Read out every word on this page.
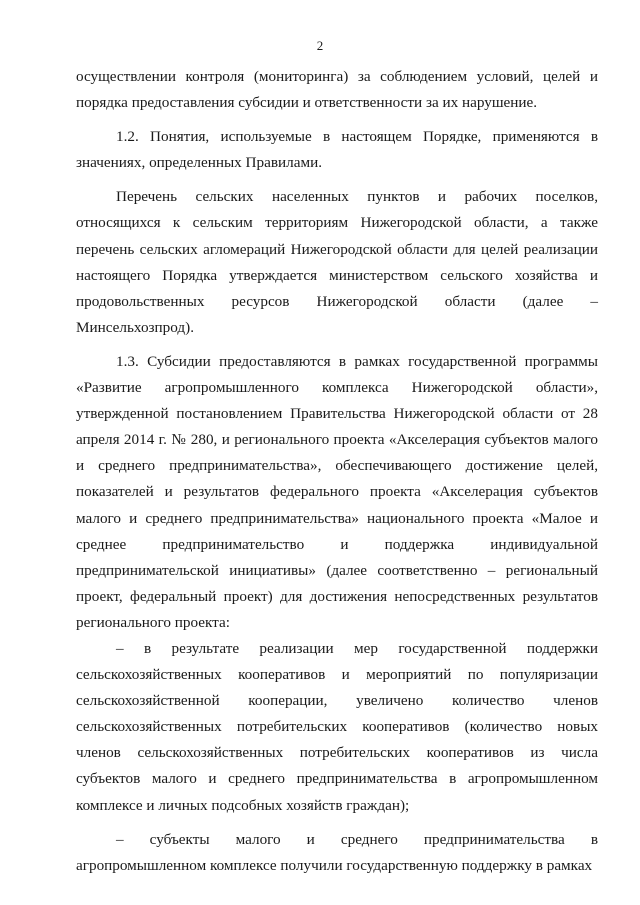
2

осуществлении контроля (мониторинга) за соблюдением условий, целей и порядка предоставления субсидии и ответственности за их нарушение.

1.2. Понятия, используемые в настоящем Порядке, применяются в значениях, определенных Правилами.

Перечень сельских населенных пунктов и рабочих поселков, относящихся к сельским территориям Нижегородской области, а также перечень сельских агломераций Нижегородской области для целей реализации настоящего Порядка утверждается министерством сельского хозяйства и продовольственных ресурсов Нижегородской области (далее – Минсельхозпрод).

1.3. Субсидии предоставляются в рамках государственной программы «Развитие агропромышленного комплекса Нижегородской области», утвержденной постановлением Правительства Нижегородской области от 28 апреля 2014 г. № 280, и регионального проекта «Акселерация субъектов малого и среднего предпринимательства», обеспечивающего достижение целей, показателей и результатов федерального проекта «Акселерация субъектов малого и среднего предпринимательства» национального проекта «Малое и среднее предпринимательство и поддержка индивидуальной предпринимательской инициативы» (далее соответственно – региональный проект, федеральный проект) для достижения непосредственных результатов регионального проекта:

– в результате реализации мер государственной поддержки сельскохозяйственных кооперативов и мероприятий по популяризации сельскохозяйственной кооперации, увеличено количество членов сельскохозяйственных потребительских кооперативов (количество новых членов сельскохозяйственных потребительских кооперативов из числа субъектов малого и среднего предпринимательства в агропромышленном комплексе и личных подсобных хозяйств граждан);

– субъекты малого и среднего предпринимательства в агропромышленном комплексе получили государственную поддержку в рамках
